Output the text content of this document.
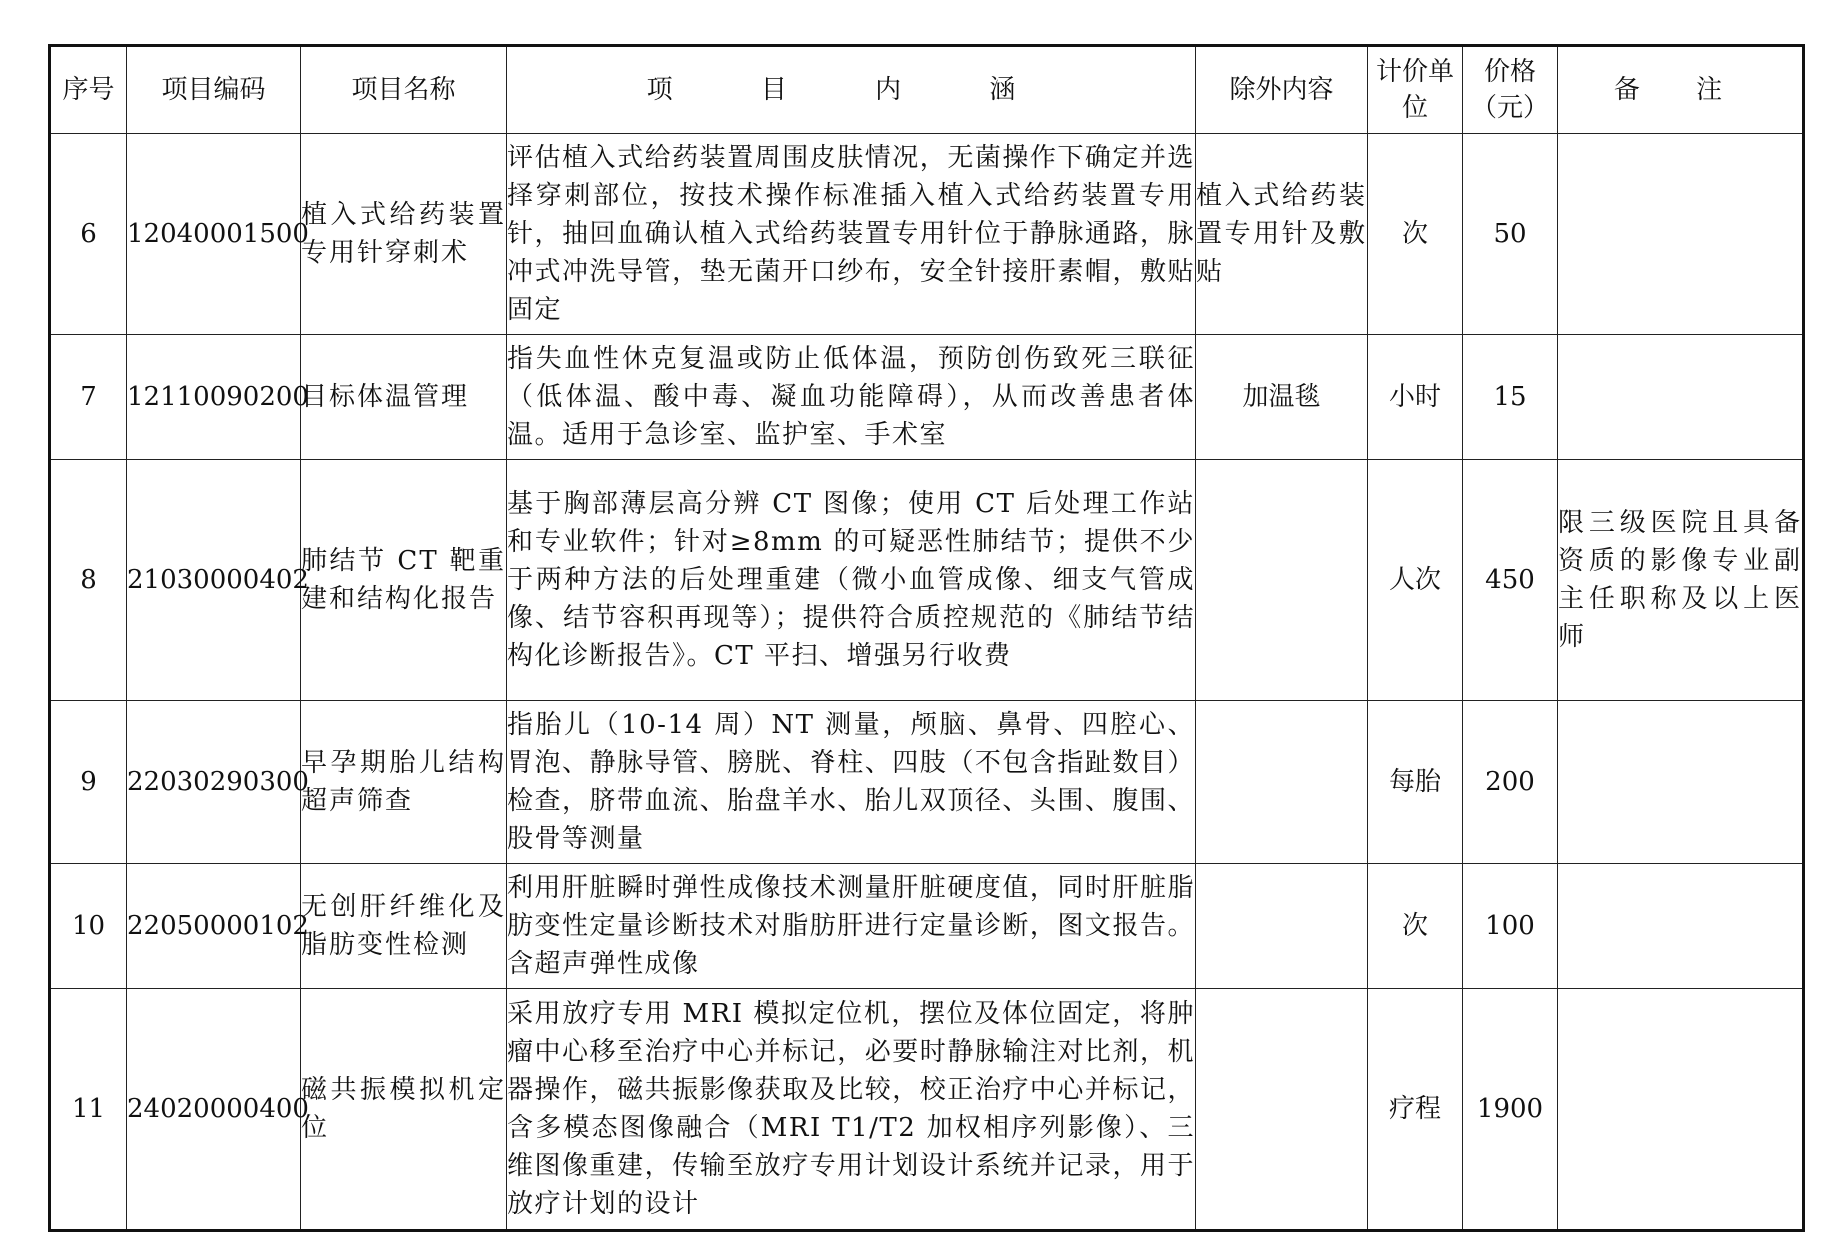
序号	项目编码	项目名称	项 目 内 涵	除外内容	计价单位	价格（元）	备 注
6	12040001500	植入式给药装置专用针穿刺术	评估植入式给药装置周围皮肤情况，无菌操作下确定并选择穿刺部位，按技术操作标准插入植入式给药装置专用针，抽回血确认植入式给药装置专用针位于静脉通路，脉冲式冲洗导管，垫无菌开口纱布，安全针接肝素帽，敷贴固定	植入式给药装置专用针及敷贴	次	50	
7	12110090200	目标体温管理	指失血性休克复温或防止低体温，预防创伤致死三联征（低体温、酸中毒、凝血功能障碍），从而改善患者体温。适用于急诊室、监护室、手术室	加温毯	小时	15	
8	21030000402	肺结节 CT 靶重建和结构化报告	基于胸部薄层高分辨 CT 图像；使用 CT 后处理工作站和专业软件；针对≥8mm 的可疑恶性肺结节；提供不少于两种方法的后处理重建（微小血管成像、细支气管成像、结节容积再现等）；提供符合质控规范的《肺结节结构化诊断报告》。CT 平扫、增强另行收费		人次	450	限三级医院且具备资质的影像专业副主任职称及以上医师
9	22030290300	早孕期胎儿结构超声筛查	指胎儿（10-14 周）NT 测量，颅脑、鼻骨、四腔心、胃泡、静脉导管、膀胱、脊柱、四肢（不包含指趾数目）检查，脐带血流、胎盘羊水、胎儿双顶径、头围、腹围、股骨等测量		每胎	200	
10	22050000102	无创肝纤维化及脂肪变性检测	利用肝脏瞬时弹性成像技术测量肝脏硬度值，同时肝脏脂肪变性定量诊断技术对脂肪肝进行定量诊断，图文报告。含超声弹性成像		次	100	
11	24020000400	磁共振模拟机定位	采用放疗专用 MRI 模拟定位机，摆位及体位固定，将肿瘤中心移至治疗中心并标记，必要时静脉输注对比剂，机器操作，磁共振影像获取及比较，校正治疗中心并标记，含多模态图像融合（MRI T1/T2 加权相序列影像）、三维图像重建，传输至放疗专用计划设计系统并记录，用于放疗计划的设计		疗程	1900	
